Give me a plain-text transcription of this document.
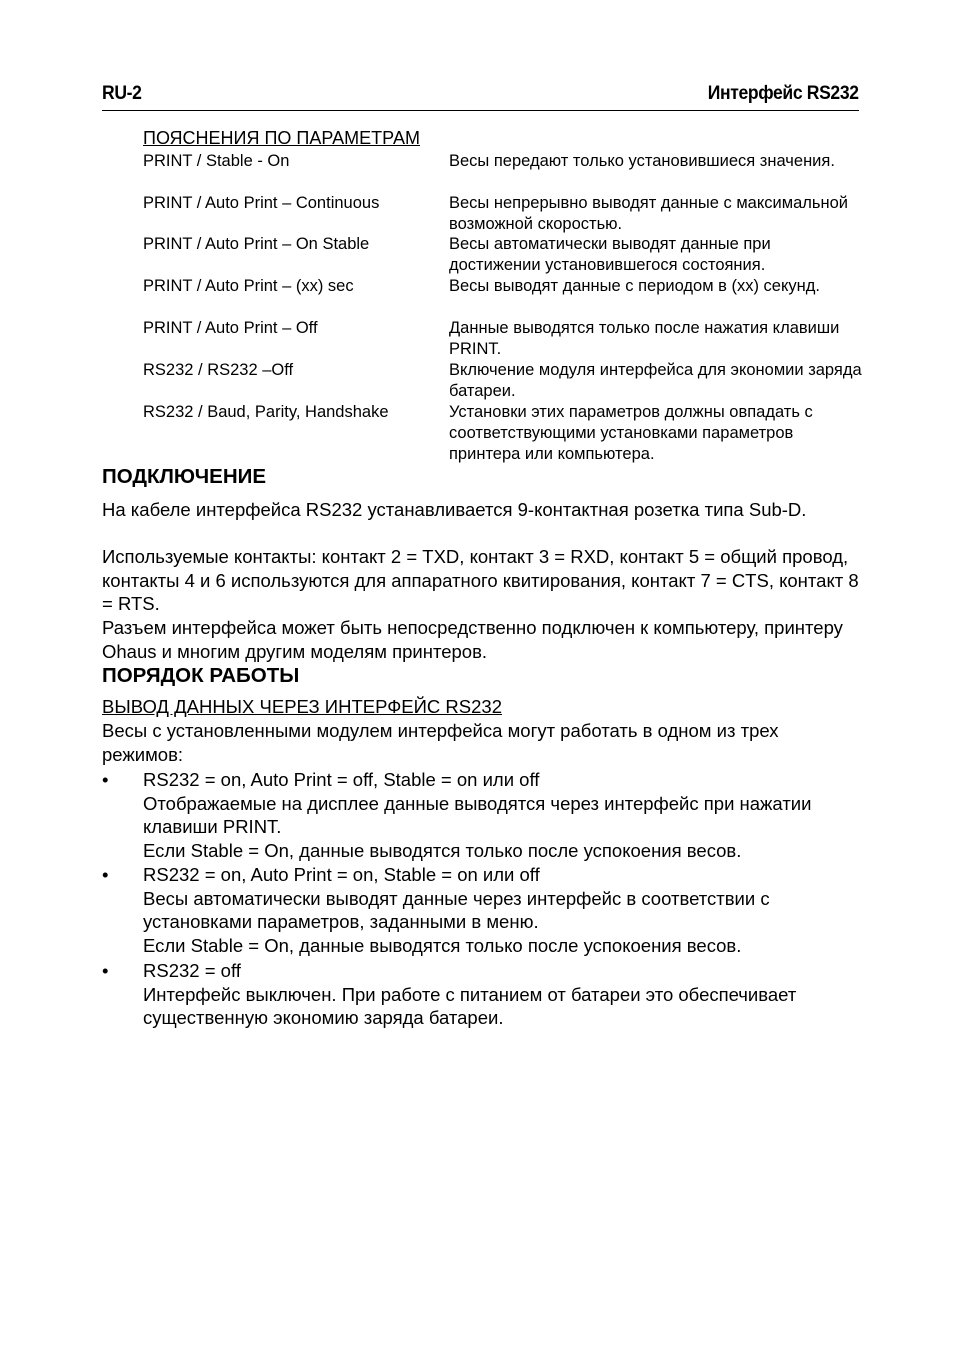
RU-2	Интерфейс RS232
ПОЯСНЕНИЯ ПО ПАРАМЕТРАМ
PRINT / Stable - On	Весы передают только установившиеся значения.
PRINT / Auto Print – Continuous	Весы непрерывно выводят данные с максимальной возможной скоростью.
PRINT / Auto Print – On Stable	Весы автоматически выводят данные при достижении установившегося состояния.
PRINT / Auto Print – (xx) sec	Весы выводят данные с периодом в (xx) секунд.
PRINT / Auto Print – Off	Данные выводятся только после нажатия клавиши PRINT.
RS232 / RS232 –Off	Включение модуля интерфейса для экономии заряда батареи.
RS232 / Baud, Parity, Handshake	Установки этих параметров должны овпадать с соответствующими установками параметров принтера или компьютера.
ПОДКЛЮЧЕНИЕ
На кабеле интерфейса RS232 устанавливается 9-контактная розетка типа Sub-D.
Используемые контакты: контакт 2 = TXD, контакт 3 = RXD, контакт 5 = общий провод, контакты 4 и 6 используются для аппаратного квитирования, контакт 7 = CTS, контакт 8 = RTS.
Разъем интерфейса может быть непосредственно подключен к компьютеру, принтеру Ohaus и многим другим моделям принтеров.
ПОРЯДОК РАБОТЫ
ВЫВОД ДАННЫХ ЧЕРЕЗ ИНТЕРФЕЙС RS232
Весы с установленными модулем интерфейса могут работать в одном из трех режимов:
•	RS232 = on, Auto Print = off, Stable = on или off
Отображаемые на дисплее данные выводятся через интерфейс при нажатии клавиши PRINT.
Если Stable = On, данные выводятся только после успокоения весов.
•	RS232 = on, Auto Print = on, Stable = on или off
Весы автоматически выводят данные через интерфейс в соответствии с установками параметров, заданными в меню.
Если Stable = On, данные выводятся только после успокоения весов.
•	RS232 = off
Интерфейс выключен. При работе с питанием от батареи это обеспечивает существенную экономию заряда батареи.
